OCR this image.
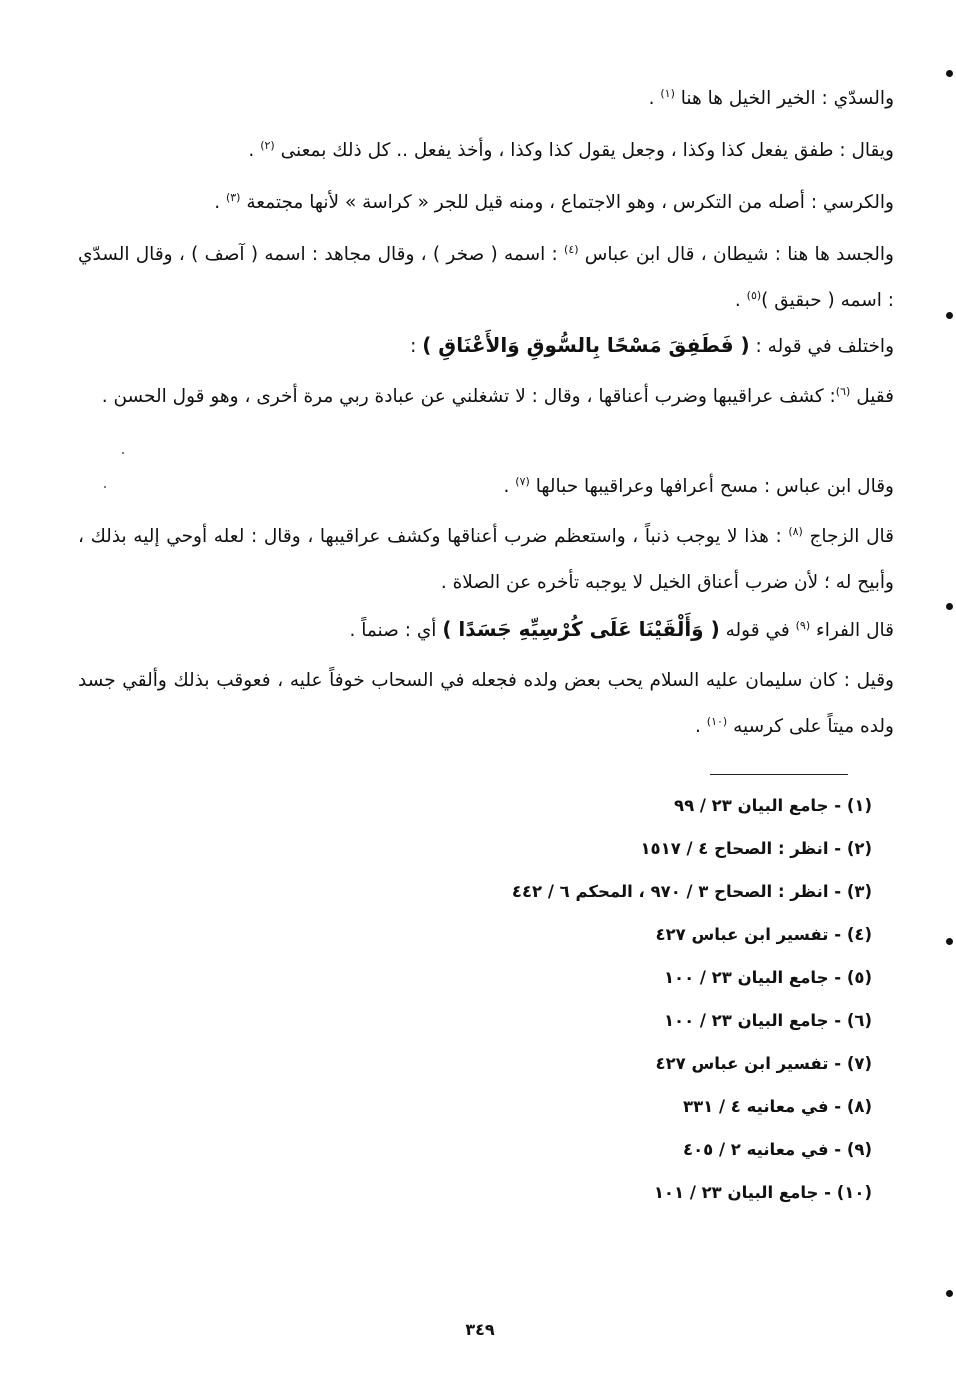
والسدّي : الخير الخيل ها هنا $^{(١)}$ .
ويقال : طفق يفعل كذا وكذا ، وجعل يقول كذا وكذا ، وأخذ يفعل .. كل ذلك بمعنى $^{(٢)}$ .
والكرسي : أصله من التكرس ، وهو الاجتماع ، ومنه قيل للجر « كراسة » لأنها مجتمعة $^{(٣)}$ .
والجسد ها هنا : شيطان ، قال ابن عباس $^{(٤)}$ : اسمه ( صخر ) ، وقال مجاهد : اسمه ( آصف ) ، وقال السدّي : اسمه ( حبقيق )$^{(٥)}$ .
واختلف في قوله : ( فَطَفِقَ مَسْحًا بِالسُّوقِ وَالأَعْنَاقِ ) :
فقيل $^{(٦)}$: كشف عراقيبها وضرب أعناقها ، وقال : لا تشغلني عن عبادة ربي مرة أخرى ، وهو قول الحسن .
وقال ابن عباس : مسح أعرافها وعراقيبها حبالها $^{(٧)}$ .
قال الزجاج $^{(٨)}$ : هذا لا يوجب ذنباً ، واستعظم ضرب أعناقها وكشف عراقيبها ، وقال : لعله أوحي إليه بذلك ، وأبيح له ؛ لأن ضرب أعناق الخيل لا يوجبه تأخره عن الصلاة .
قال الفراء $^{(٩)}$ في قوله ( وَأَلْقَيْنَا عَلَى كُرْسِيِّهِ جَسَدًا ) أي : صنماً .
وقيل : كان سليمان عليه السلام يحب بعض ولده فجعله في السحاب خوفاً عليه ، فعوقب بذلك وألقي جسد ولده ميتاً على كرسيه $^{(١٠)}$ .
(١) - جامع البيان ٢٣ / ٩٩
(٢) - انظر : الصحاح ٤ / ١٥١٧
(٣) - انظر : الصحاح ٣ / ٩٧٠ ، المحكم ٦ / ٤٤٢
(٤) - تفسير ابن عباس ٤٢٧
(٥) - جامع البيان ٢٣ / ١٠٠
(٦) - جامع البيان ٢٣ / ١٠٠
(٧) - تفسير ابن عباس ٤٢٧
(٨) - في معانيه ٤ / ٣٣١
(٩) - في معانيه ٢ / ٤٠٥
(١٠) - جامع البيان ٢٣ / ١٠١
٣٤٩
